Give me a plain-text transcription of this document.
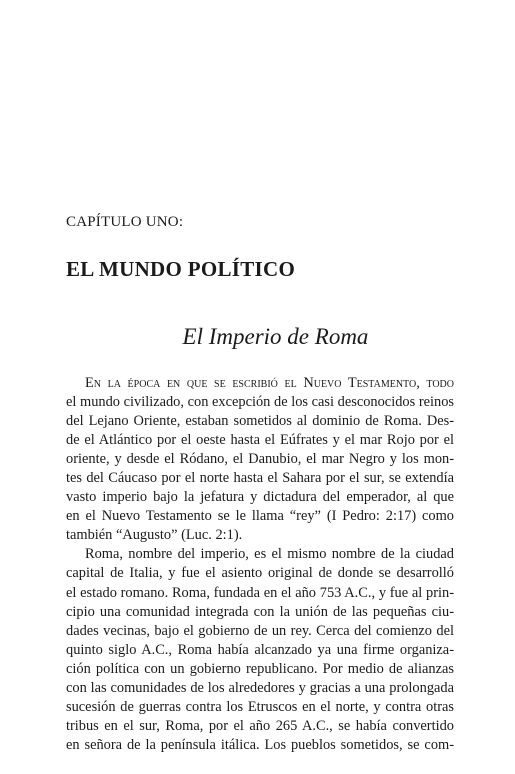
CAPÍTULO UNO:
EL MUNDO POLÍTICO
El Imperio de Roma
En la época en que se escribió el Nuevo Testamento, todo
el mundo civilizado, con excepción de los casi desconocidos reinos
del Lejano Oriente, estaban sometidos al dominio de Roma. Des-
de el Atlántico por el oeste hasta el Eúfrates y el mar Rojo por el
oriente, y desde el Ródano, el Danubio, el mar Negro y los mon-
tes del Cáucaso por el norte hasta el Sahara por el sur, se extendía
vasto imperio bajo la jefatura y dictadura del emperador, al que
en el Nuevo Testamento se le llama “rey” (I Pedro: 2:17) como
también “Augusto” (Luc. 2:1).
Roma, nombre del imperio, es el mismo nombre de la ciudad
capital de Italia, y fue el asiento original de donde se desarrolló
el estado romano. Roma, fundada en el año 753 A.C., y fue al prin-
cipio una comunidad integrada con la unión de las pequeñas ciu-
dades vecinas, bajo el gobierno de un rey. Cerca del comienzo del
quinto siglo A.C., Roma había alcanzado ya una firme organiza-
ción política con un gobierno republicano. Por medio de alianzas
con las comunidades de los alrededores y gracias a una prolongada
sucesión de guerras contra los Etruscos en el norte, y contra otras
tribus en el sur, Roma, por el año 265 A.C., se había convertido
en señora de la península itálica. Los pueblos sometidos, se com-
